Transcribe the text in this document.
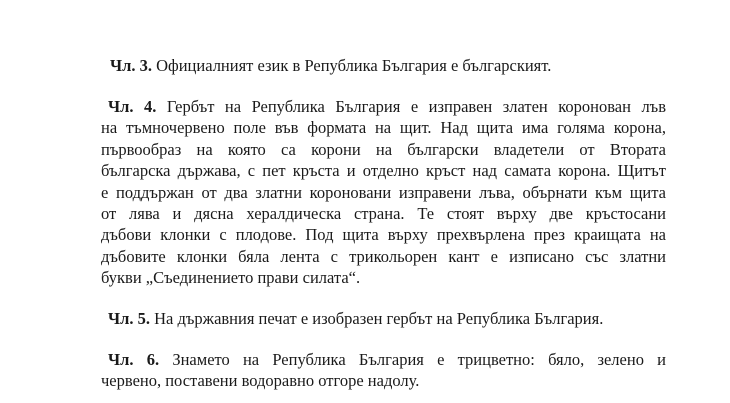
Чл. 3. Официалният език в Република България е българският.
Чл. 4. Гербът на Република България е изправен златен коронован лъв
на тъмночервено поле във формата на щит. Над щита има голяма корона,
първообраз на която са корони на български владетели от Втората
българска държава, с пет кръста и отделно кръст над самата корона. Щитът
е поддържан от два златни коронoвани изправени лъва, обърнати към щита
от лява и дясна хералдическа страна. Те стоят върху две кръстосани
дъбови клонки с плодове. Под щита върху прехвърлена през краищата на
дъбовите клонки бяла лента с трикольорен кант е изписано със златни
букви „Съединението прави силата“.
Чл. 5. На държавния печат е изобразен гербът на Република България.
Чл. 6. Знамето на Република България е трицветно: бяло, зелено и
червено, поставени водоравно отгоре надолу.
